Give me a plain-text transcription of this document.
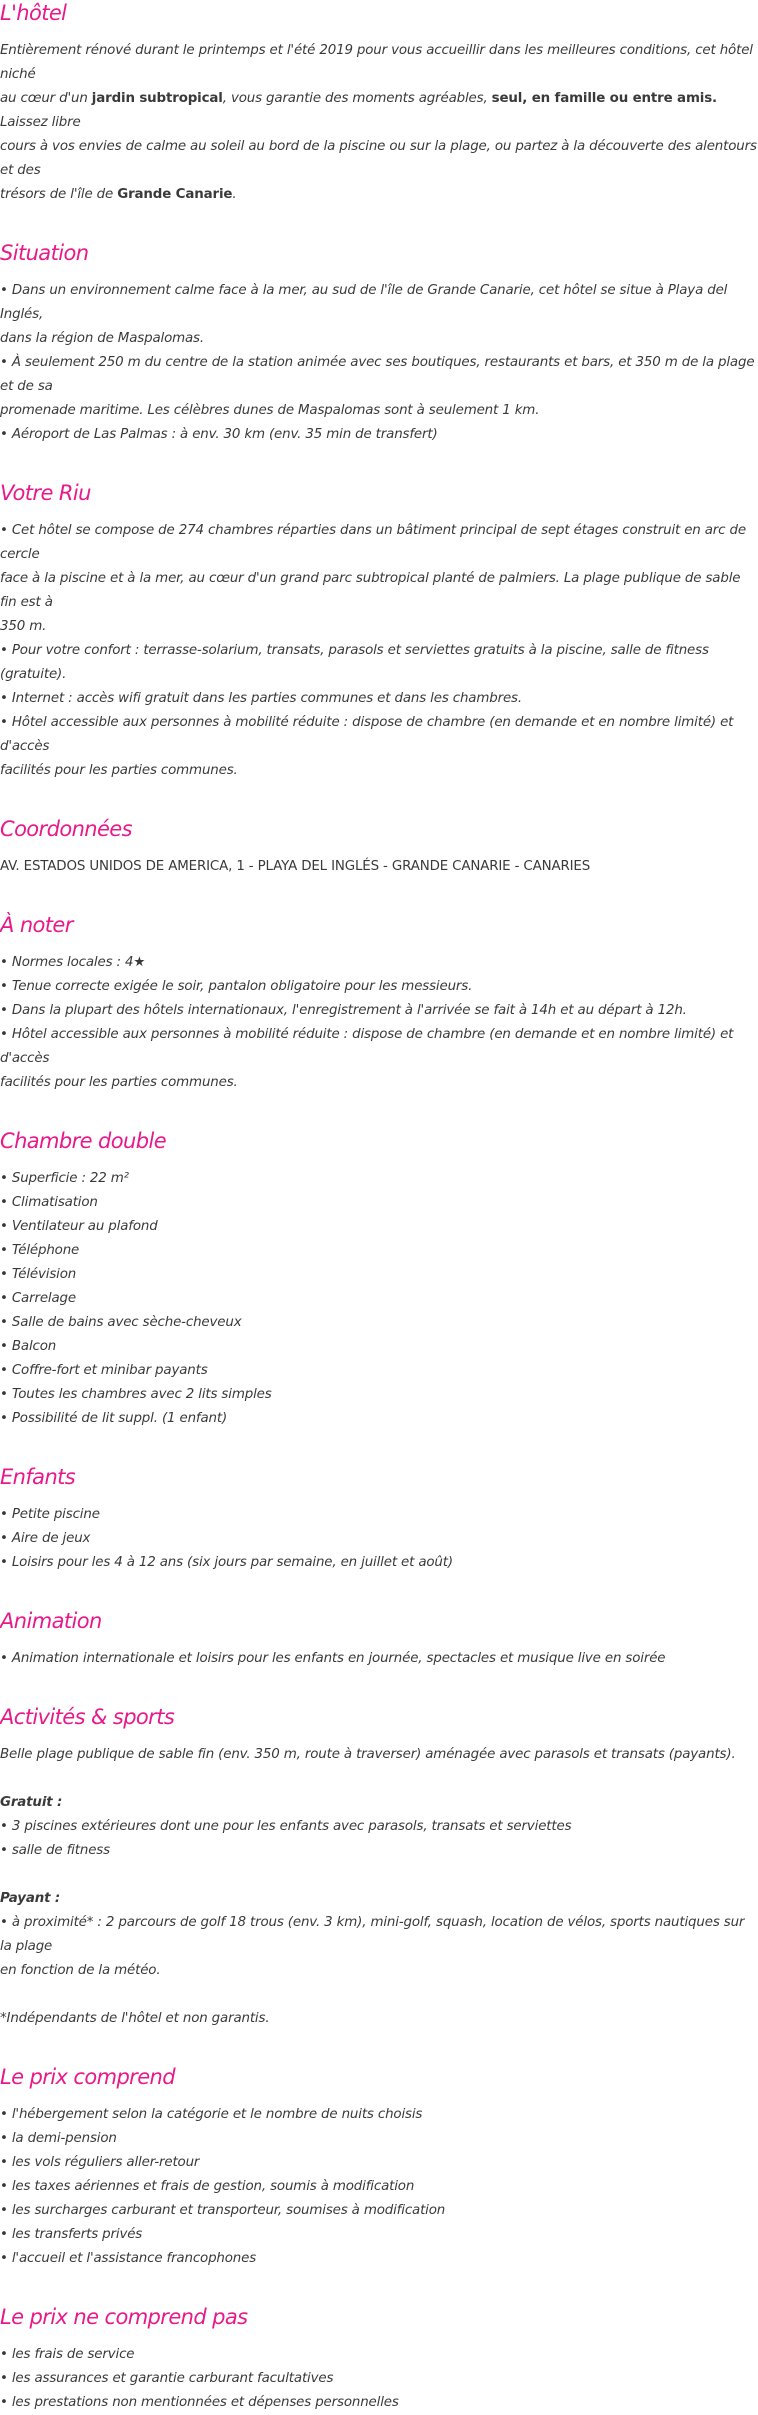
L'hôtel

Entièrement rénové durant le printemps et l'été 2019 pour vous accueillir dans les meilleures conditions, cet hôtel niché

au cœur d'un jardin subtropical, vous garantie des moments agréables, seul, en famille ou entre amis. Laissez libre

cours à vos envies de calme au soleil au bord de la piscine ou sur la plage, ou partez à la découverte des alentours et des

trésors de l'île de Grande Canarie.

Situation

• Dans un environnement calme face à la mer, au sud de l'île de Grande Canarie, cet hôtel se situe à Playa del Inglés,

dans la région de Maspalomas.

• À seulement 250 m du centre de la station animée avec ses boutiques, restaurants et bars, et 350 m de la plage et de sa

promenade maritime. Les célèbres dunes de Maspalomas sont à seulement 1 km.

• Aéroport de Las Palmas : à env. 30 km (env. 35 min de transfert)

Votre Riu

• Cet hôtel se compose de 274 chambres réparties dans un bâtiment principal de sept étages construit en arc de cercle

face à la piscine et à la mer, au cœur d'un grand parc subtropical planté de palmiers. La plage publique de sable fin est à

350 m.

• Pour votre confort : terrasse-solarium, transats, parasols et serviettes gratuits à la piscine, salle de fitness (gratuite).

• Internet : accès wifi gratuit dans les parties communes et dans les chambres.

• Hôtel accessible aux personnes à mobilité réduite : dispose de chambre (en demande et en nombre limité) et d'accès

facilités pour les parties communes.

Coordonnées

AV. ESTADOS UNIDOS DE AMERICA, 1 - PLAYA DEL INGLÉS - GRANDE CANARIE - CANARIES

À noter

• Normes locales : 4★

• Tenue correcte exigée le soir, pantalon obligatoire pour les messieurs.

• Dans la plupart des hôtels internationaux, l'enregistrement à l'arrivée se fait à 14h et au départ à 12h.

• Hôtel accessible aux personnes à mobilité réduite : dispose de chambre (en demande et en nombre limité) et d'accès

facilités pour les parties communes.

Chambre double

• Superficie : 22 m²

• Climatisation

• Ventilateur au plafond

• Téléphone

• Télévision

• Carrelage

• Salle de bains avec sèche-cheveux

• Balcon

• Coffre-fort et minibar payants

• Toutes les chambres avec 2 lits simples

• Possibilité de lit suppl. (1 enfant)

Enfants

• Petite piscine

• Aire de jeux

• Loisirs pour les 4 à 12 ans (six jours par semaine, en juillet et août)

Animation

• Animation internationale et loisirs pour les enfants en journée, spectacles et musique live en soirée

Activités & sports

Belle plage publique de sable fin (env. 350 m, route à traverser) aménagée avec parasols et transats (payants).

Gratuit :

• 3 piscines extérieures dont une pour les enfants avec parasols, transats et serviettes

• salle de fitness

Payant :

• à proximité* : 2 parcours de golf 18 trous (env. 3 km), mini-golf, squash, location de vélos, sports nautiques sur la plage

en fonction de la météo.

*Indépendants de l'hôtel et non garantis.

Le prix comprend

• l'hébergement selon la catégorie et le nombre de nuits choisis

• la demi-pension

• les vols réguliers aller-retour

• les taxes aériennes et frais de gestion, soumis à modification

• les surcharges carburant et transporteur, soumises à modification

• les transferts privés

• l'accueil et l'assistance francophones

Le prix ne comprend pas

• les frais de service

• les assurances et garantie carburant facultatives

• les prestations non mentionnées et dépenses personnelles
